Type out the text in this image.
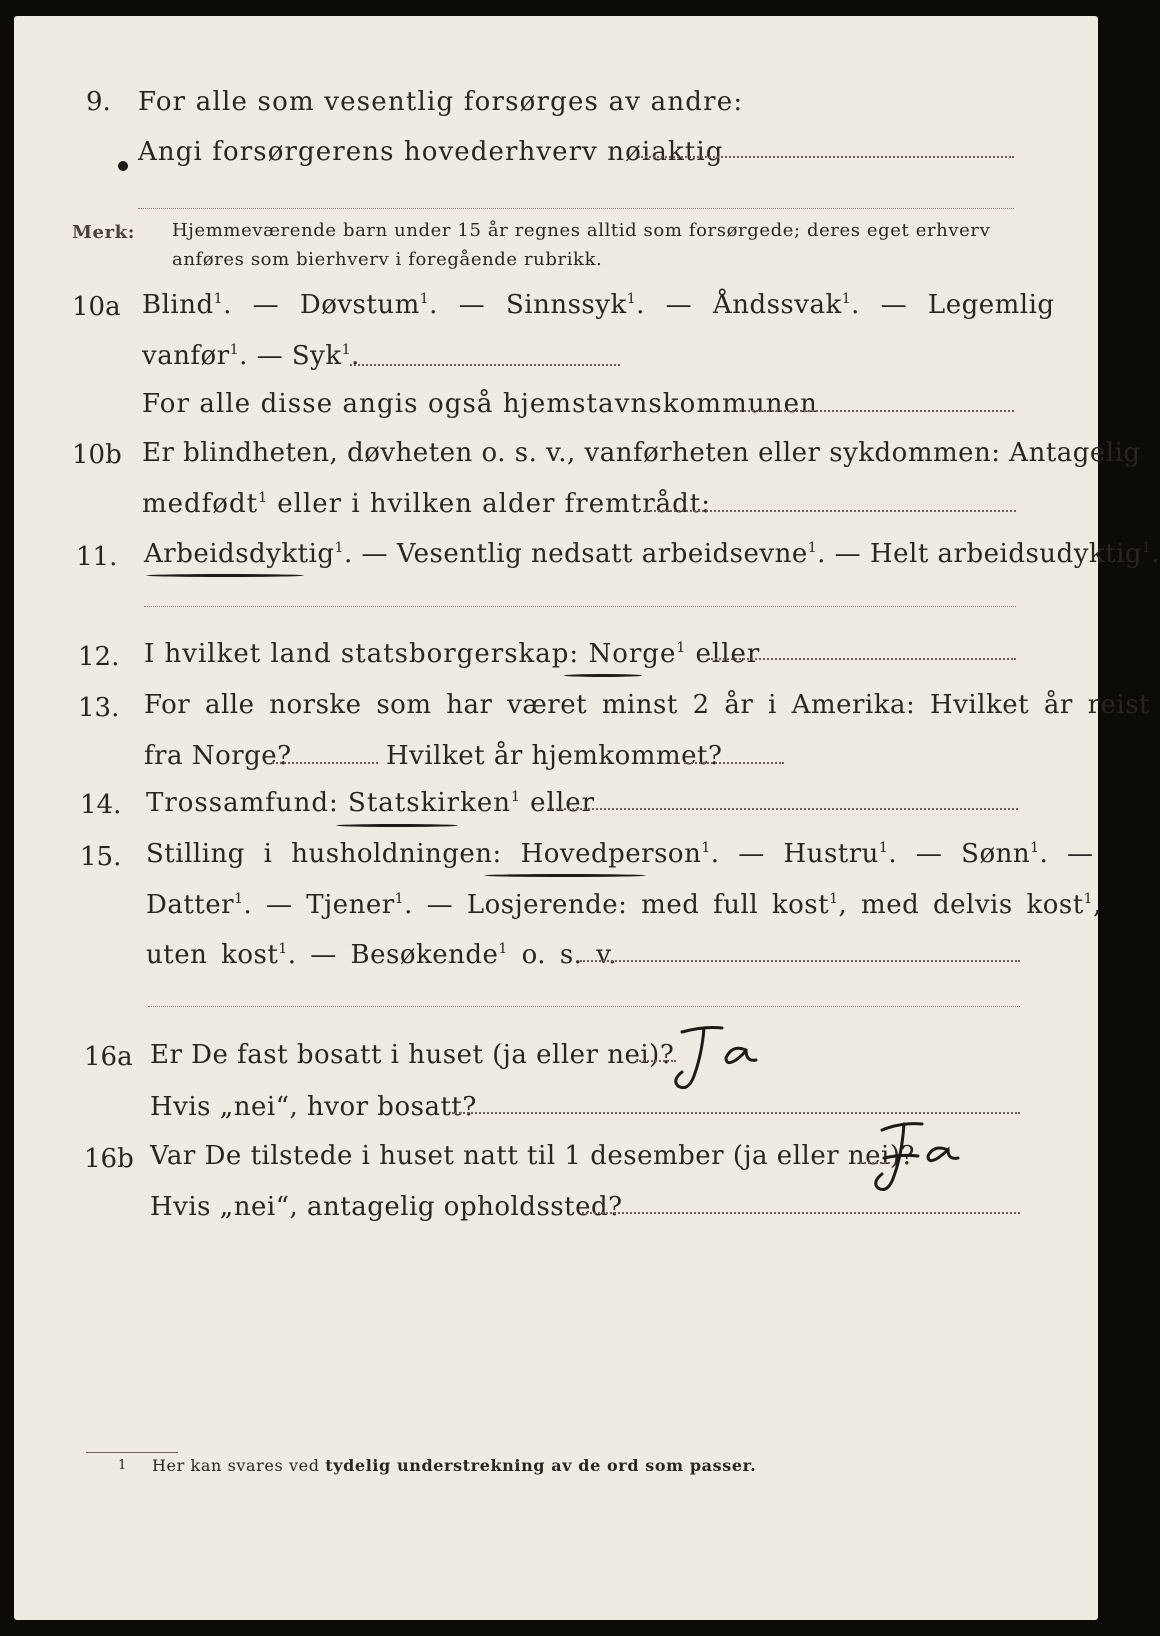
9. For alle som vesentlig forsørges av andre:
Angi forsørgerens hovederhverv nøiaktig
Merk: Hjemmeværende barn under 15 år regnes alltid som forsørgede; deres eget erhverv
anføres som bierhverv i foregående rubrikk.
10a Blind$^1$. — Døvstum$^1$. — Sinnssyk$^1$. — Åndssvak$^1$. — Legemlig
vanfør$^1$. — Syk$^1$.
For alle disse angis også hjemstavnskommunen
10b Er blindheten, døvheten o. s. v., vanførheten eller sykdommen: Antagelig
medfødt$^1$ eller i hvilken alder fremtrådt:
11. Arbeidsdyktig$^1$. — Vesentlig nedsatt arbeidsevne$^1$. — Helt arbeidsudyktig$^1$.
12. I hvilket land statsborgerskap: Norge$^1$ eller
13. For alle norske som har været minst 2 år i Amerika: Hvilket år reist
fra Norge?	Hvilket år hjemkommet?
14. Trossamfund: Statskirken$^1$ eller
15. Stilling i husholdningen: Hovedperson$^1$. — Hustru$^1$. — Sønn$^1$. —
Datter$^1$. — Tjener$^1$. — Losjerende: med full kost$^1$, med delvis kost$^1$,
uten kost$^1$. — Besøkende$^1$ o. s. v.
16a Er De fast bosatt i huset (ja eller nei)?
Ja
Hvis „nei“, hvor bosatt?
16b Var De tilstede i huset natt til 1 desember (ja eller nei)?
Ja
Hvis „nei“, antagelig opholdssted?
1 Her kan svares ved tydelig understrekning av de ord som passer.
